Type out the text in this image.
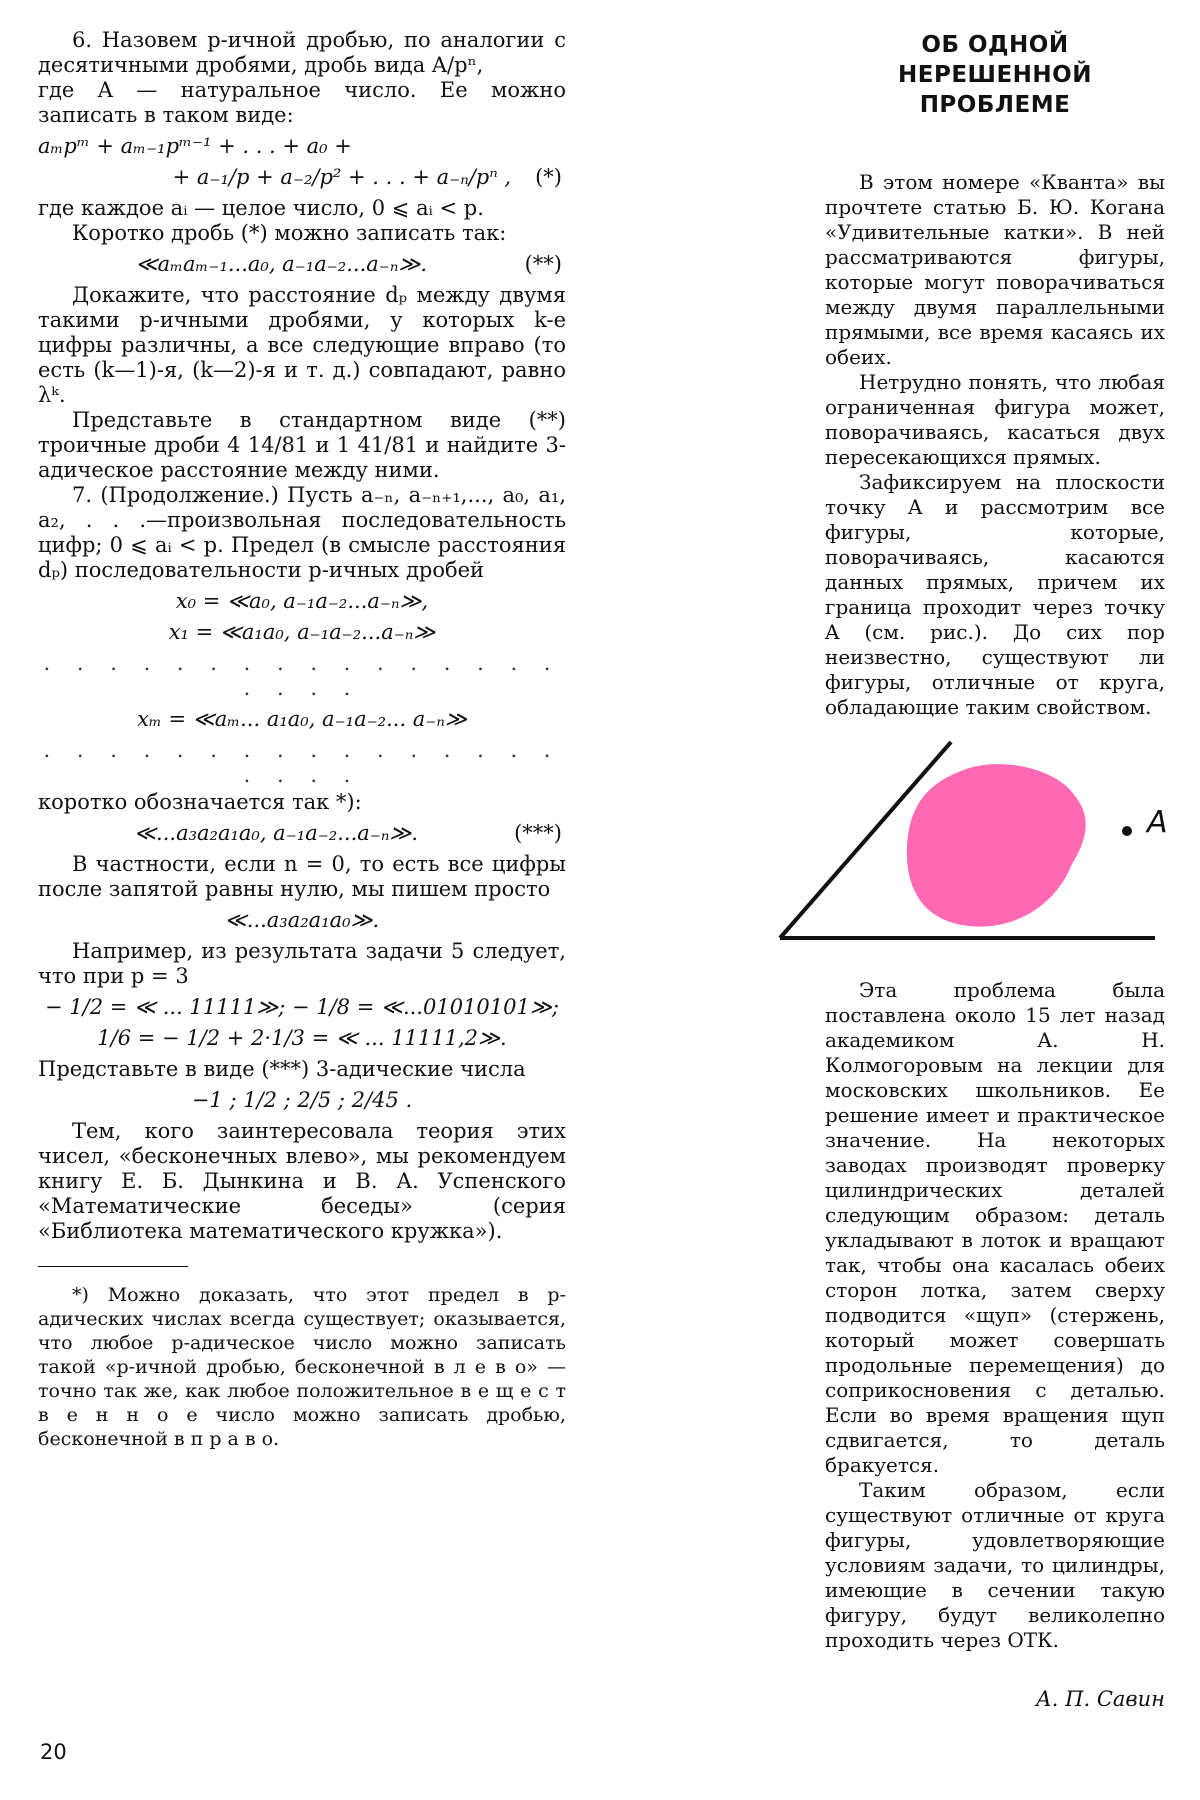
6. Назовем p-ичной дробью, по аналогии с десятичными дробями, дробь вида A/pⁿ,

где A — натуральное число. Ее можно записать в таком виде:

aₘpᵐ + aₘ₋₁pᵐ⁻¹ + . . . + a₀ +
+ a₋₁/p + a₋₂/p² + . . . + a₋ₙ/pⁿ ,	(*)

где каждое aᵢ — целое число, 0 ⩽ aᵢ < p.

Коротко дробь (*) можно записать так:

≪aₘaₘ₋₁...a₀, a₋₁a₋₂...a₋ₙ≫.	(**)

Докажите, что расстояние dₚ между двумя такими p-ичными дробями, у которых k-е цифры различны, а все следующие вправо (то есть (k—1)-я, (k—2)-я и т. д.) совпадают, равно λᵏ.

Представьте в стандартном виде (**) троичные дроби 4 14/81 и 1 41/81 и найдите 3-адическое расстояние между ними.

7. (Продолжение.) Пусть a₋ₙ, a₋ₙ₊₁,..., a₀, a₁, a₂, . . .—произвольная последовательность цифр; 0 ⩽ aᵢ < p. Предел (в смысле расстояния dₚ) последовательности p-ичных дробей

x₀ = ≪a₀, a₋₁a₋₂...a₋ₙ≫,
x₁ = ≪a₁a₀, a₋₁a₋₂...a₋ₙ≫
. . . . . . . . . . . . . . . . . . . .
xₘ = ≪aₘ... a₁a₀, a₋₁a₋₂... a₋ₙ≫
. . . . . . . . . . . . . . . . . . . .

коротко обозначается так *):

≪...a₃a₂a₁a₀, a₋₁a₋₂...a₋ₙ≫.	(***)

В частности, если n = 0, то есть все цифры после запятой равны нулю, мы пишем просто

≪...a₃a₂a₁a₀≫.

Например, из результата задачи 5 следует, что при p = 3

− 1/2 = ≪ ... 11111≫; − 1/8 = ≪...01010101≫;
1/6 = − 1/2 + 2·1/3 = ≪ ... 11111,2≫.

Представьте в виде (***) 3-адические числа

−1 ; 1/2 ; 2/5 ; 2/45 .

Тем, кого заинтересовала теория этих чисел, «бесконечных влево», мы рекомендуем книгу Е. Б. Дынкина и В. А. Успенского «Математические беседы» (серия «Библиотека математического кружка»).

*) Можно доказать, что этот предел в p-адических числах всегда существует; оказывается, что любое p-адическое число можно записать такой «p-ичной дробью, бесконечной в л е в о» — точно так же, как любое положительное в е щ е с т в е н н о е число можно записать дробью, бесконечной в п р а в о.

ОБ ОДНОЙ НЕРЕШЕННОЙ ПРОБЛЕМЕ

В этом номере «Кванта» вы прочтете статью Б. Ю. Когана «Удивительные катки». В ней рассматриваются фигуры, которые могут поворачиваться между двумя параллельными прямыми, все время касаясь их обеих.

Нетрудно понять, что любая ограниченная фигура может, поворачиваясь, касаться двух пересекающихся прямых.

Зафиксируем на плоскости точку A и рассмотрим все фигуры, которые, поворачиваясь, касаются данных прямых, причем их граница проходит через точку A (см. рис.). До сих пор неизвестно, существуют ли фигуры, отличные от круга, обладающие таким свойством.

A

Эта проблема была поставлена около 15 лет назад академиком А. Н. Колмогоровым на лекции для московских школьников. Ее решение имеет и практическое значение. На некоторых заводах производят проверку цилиндрических деталей следующим образом: деталь укладывают в лоток и вращают так, чтобы она касалась обеих сторон лотка, затем сверху подводится «щуп» (стержень, который может совершать продольные перемещения) до соприкосновения с деталью. Если во время вращения щуп сдвигается, то деталь бракуется.

Таким образом, если существуют отличные от круга фигуры, удовлетворяющие условиям задачи, то цилиндры, имеющие в сечении такую фигуру, будут великолепно проходить через ОТК.

А. П. Савин
20
